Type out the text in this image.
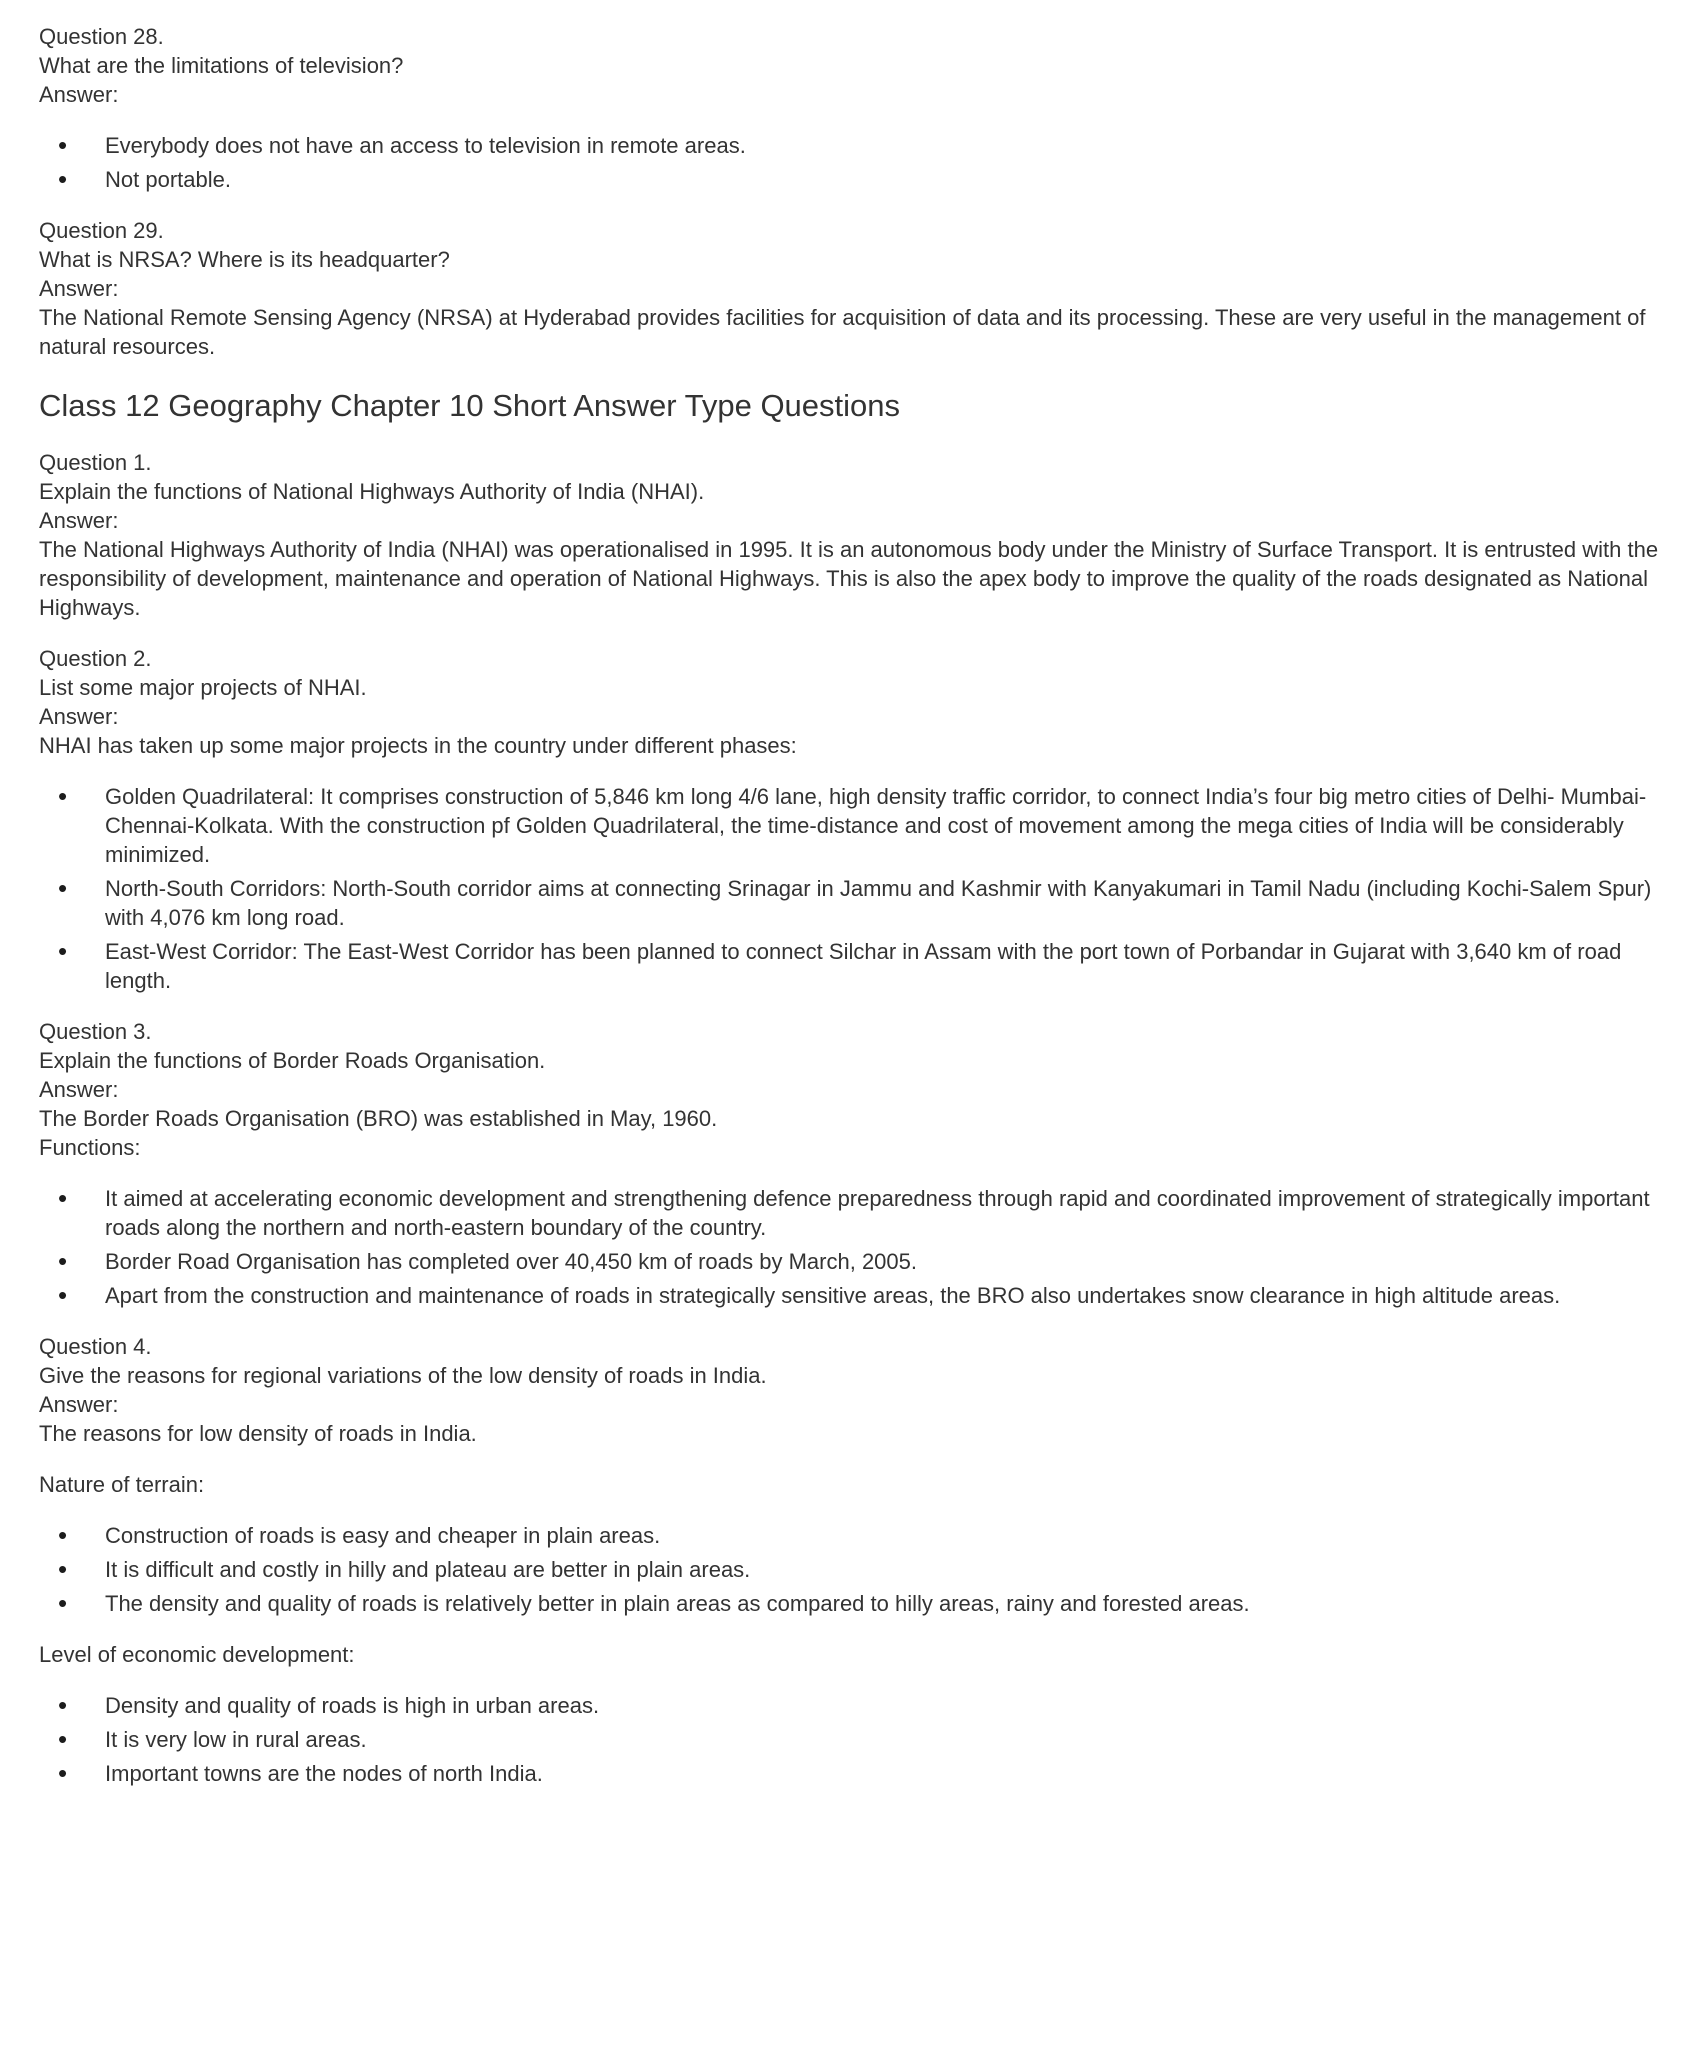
Question 28.
What are the limitations of television?
Answer:

• Everybody does not have an access to television in remote areas.
• Not portable.

Question 29.
What is NRSA? Where is its headquarter?
Answer:
The National Remote Sensing Agency (NRSA) at Hyderabad provides facilities for acquisition of data and its processing. These are very useful in the management of natural resources.

Class 12 Geography Chapter 10 Short Answer Type Questions

Question 1.
Explain the functions of National Highways Authority of India (NHAI).
Answer:
The National Highways Authority of India (NHAI) was operationalised in 1995. It is an autonomous body under the Ministry of Surface Transport. It is entrusted with the responsibility of development, maintenance and operation of National Highways. This is also the apex body to improve the quality of the roads designated as National Highways.

Question 2.
List some major projects of NHAI.
Answer:
NHAI has taken up some major projects in the country under different phases:

• Golden Quadrilateral: It comprises construction of 5,846 km long 4/6 lane, high density traffic corridor, to connect India’s four big metro cities of Delhi- Mumbai-Chennai-Kolkata. With the construction pf Golden Quadrilateral, the time-distance and cost of movement among the mega cities of India will be considerably minimized.
• North-South Corridors: North-South corridor aims at connecting Srinagar in Jammu and Kashmir with Kanyakumari in Tamil Nadu (including Kochi-Salem Spur) with 4,076 km long road.
• East-West Corridor: The East-West Corridor has been planned to connect Silchar in Assam with the port town of Porbandar in Gujarat with 3,640 km of road length.

Question 3.
Explain the functions of Border Roads Organisation.
Answer:
The Border Roads Organisation (BRO) was established in May, 1960.
Functions:

• It aimed at accelerating economic development and strengthening defence preparedness through rapid and coordinated improvement of strategically important roads along the northern and north-eastern boundary of the country.
• Border Road Organisation has completed over 40,450 km of roads by March, 2005.
• Apart from the construction and maintenance of roads in strategically sensitive areas, the BRO also undertakes snow clearance in high altitude areas.

Question 4.
Give the reasons for regional variations of the low density of roads in India.
Answer:
The reasons for low density of roads in India.

Nature of terrain:

• Construction of roads is easy and cheaper in plain areas.
• It is difficult and costly in hilly and plateau are better in plain areas.
• The density and quality of roads is relatively better in plain areas as compared to hilly areas, rainy and forested areas.

Level of economic development:

• Density and quality of roads is high in urban areas.
• It is very low in rural areas.
• Important towns are the nodes of north India.
